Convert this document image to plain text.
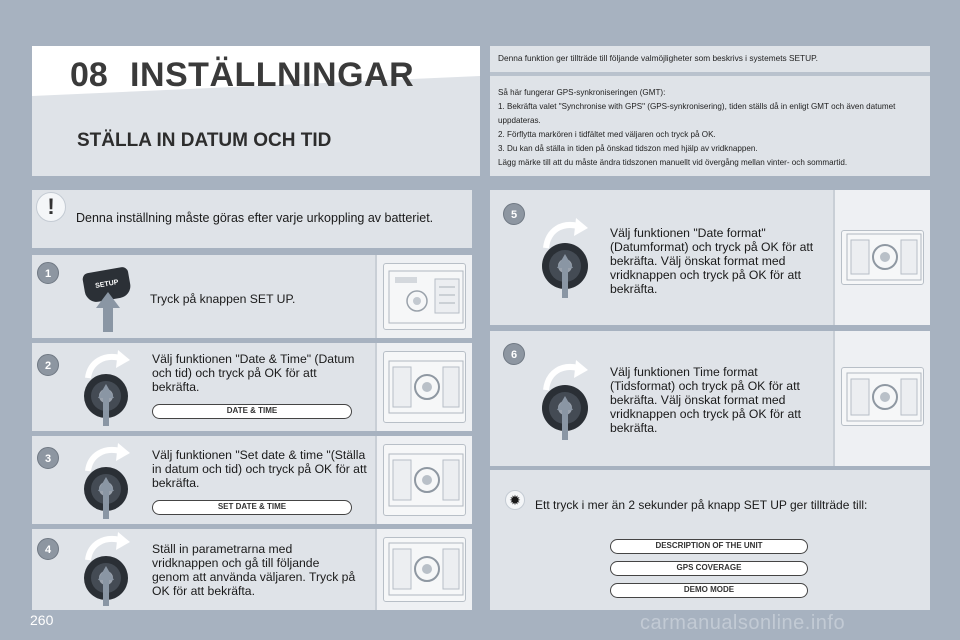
08 INSTÄLLNINGAR
STÄLLA IN DATUM OCH TID
Denna funktion ger tillträde till följande valmöjligheter som beskrivs i systemets SETUP.
Så här fungerar GPS-synkroniseringen (GMT):
1. Bekräfta valet "Synchronise with GPS" (GPS-synkronisering), tiden ställs då in enligt GMT och även datumet uppdateras.
2. Förflytta markören i tidfältet med väljaren och tryck på OK.
3. Du kan då ställa in tiden på önskad tidszon med hjälp av vridknappen.
Lägg märke till att du måste ändra tidszonen manuellt vid övergång mellan vinter- och sommartid.
!	Denna inställning måste göras efter varje urkoppling av batteriet.
1
SETUP
Tryck på knappen SET UP.
2	Välj funktionen "Date & Time" (Datum och tid) och tryck på OK för att bekräfta.
DATE & TIME
3	Välj funktionen "Set date & time "(Ställa in datum och tid) och tryck på OK för att bekräfta.
SET DATE & TIME
4	Ställ in parametrarna med vridknappen och gå till följande genom att använda väljaren. Tryck på OK för att bekräfta.
5
Välj funktionen "Date format" (Datumformat) och tryck på OK för att bekräfta. Välj önskat format med vridknappen och tryck på OK för att bekräfta.
6
Välj funktionen Time format (Tidsformat) och tryck på OK för att bekräfta. Välj önskat format med vridknappen och tryck på OK för att bekräfta.
✹	Ett tryck i mer än 2 sekunder på knapp SET UP ger tillträde till:
DESCRIPTION OF THE UNIT
GPS COVERAGE
DEMO MODE
260	carmanualsonline.info
